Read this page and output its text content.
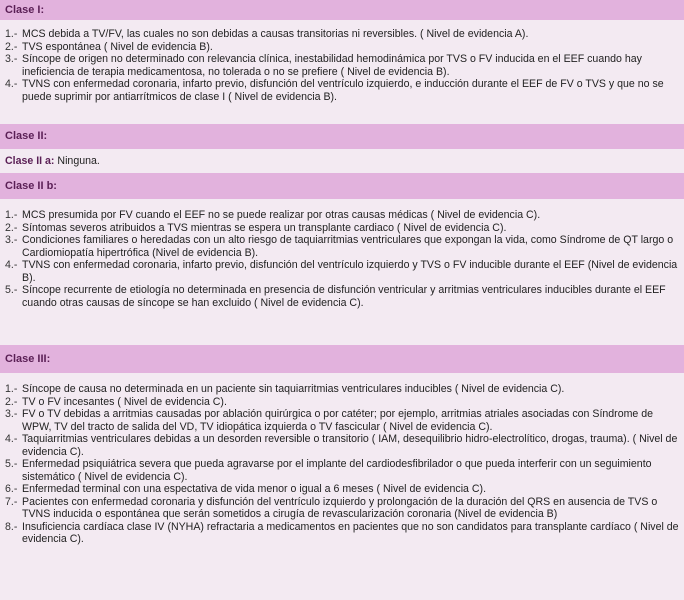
Clase I:
1.- MCS debida a TV/FV, las cuales no son debidas a causas transitorias ni reversibles. ( Nivel de evidencia A).
2.- TVS espontánea ( Nivel de evidencia B).
3.- Síncope de origen no determinado con relevancia clínica, inestabilidad hemodinámica por TVS o FV inducida en el EEF cuando hay ineficiencia de terapia medicamentosa, no tolerada o no se prefiere ( Nivel de evidencia B).
4.- TVNS con enfermedad coronaria, infarto previo, disfunción del ventrículo izquierdo, e inducción durante el EEF de FV o TVS y que no se puede suprimir por antiarrítmicos de clase I ( Nivel de evidencia B).
Clase II:
Clase II a: Ninguna.
Clase II b:
1.- MCS presumida por FV cuando el EEF no se puede realizar por otras causas médicas ( Nivel de evidencia C).
2.- Síntomas severos atribuidos a TVS mientras se espera un transplante cardiaco ( Nivel de evidencia C).
3.- Condiciones familiares o heredadas con un alto riesgo de taquiarritmias ventriculares que expongan la vida, como Síndrome de QT largo o Cardiomiopatía hipertrófica (Nivel de evidencia B).
4.- TVNS con enfermedad coronaria, infarto previo, disfunción del ventrículo izquierdo y TVS o FV inducible durante el EEF (Nivel de evidencia B).
5.- Síncope recurrente de etiología no determinada en presencia de disfunción ventricular y arritmias ventriculares inducibles durante el EEF cuando otras causas de síncope se han excluido ( Nivel de evidencia C).
Clase III:
1.- Síncope de causa no determinada en un paciente sin taquiarritmias ventriculares inducibles ( Nivel de evidencia C).
2.- TV o FV incesantes ( Nivel de evidencia C).
3.- FV o TV debidas a arritmias causadas por ablación quirúrgica o por catéter; por ejemplo, arritmias atriales asociadas con Síndrome de WPW, TV del tracto de salida del VD, TV idiopática izquierda o TV fascicular ( Nivel de evidencia C).
4.- Taquiarritmias ventriculares debidas a un desorden reversible o transitorio ( IAM, desequilibrio hidro-electrolítico, drogas, trauma). ( Nivel de evidencia C).
5.- Enfermedad psiquiátrica severa que pueda agravarse por el implante del cardiodesfibrilador o que pueda interferir con un seguimiento sistemático ( Nivel de evidencia C).
6.- Enfermedad terminal con una espectativa de vida menor o igual a 6 meses ( Nivel de evidencia C).
7.- Pacientes con enfermedad coronaria y disfunción del ventrículo izquierdo y prolongación de la duración del QRS en ausencia de TVS o TVNS inducida o espontánea que serán sometidos a cirugía de revascularización coronaria (Nivel de evidencia B)
8.- Insuficiencia cardíaca clase IV (NYHA) refractaria a medicamentos en pacientes que no son candidatos para transplante cardíaco ( Nivel de evidencia C).
